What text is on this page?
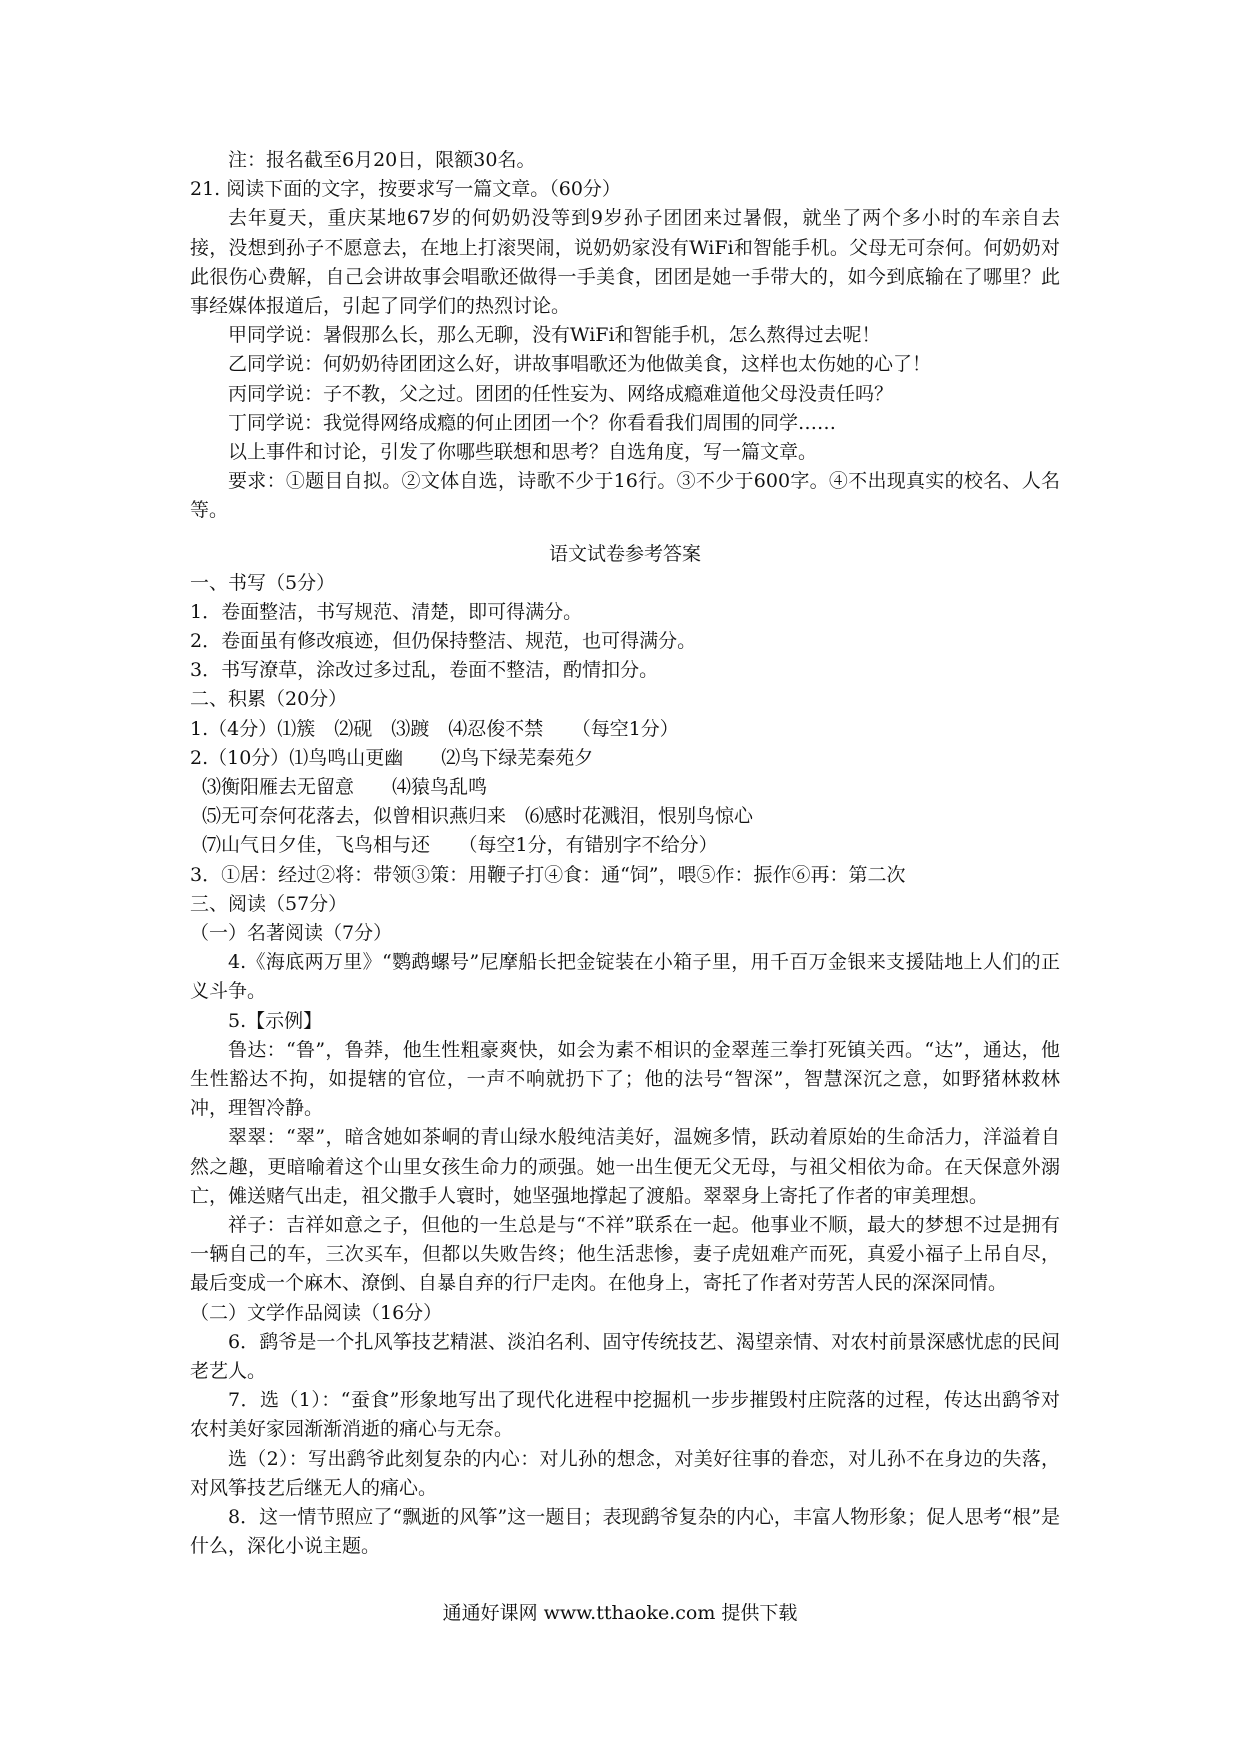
注：报名截至6月20日，限额30名。
21. 阅读下面的文字，按要求写一篇文章。（60分）
去年夏天，重庆某地67岁的何奶奶没等到9岁孙子团团来过暑假，就坐了两个多小时的车亲自去接，没想到孙子不愿意去，在地上打滚哭闹，说奶奶家没有WiFi和智能手机。父母无可奈何。何奶奶对此很伤心费解，自己会讲故事会唱歌还做得一手美食，团团是她一手带大的，如今到底输在了哪里？此事经媒体报道后，引起了同学们的热烈讨论。
甲同学说：暑假那么长，那么无聊，没有WiFi和智能手机，怎么熬得过去呢！
乙同学说：何奶奶待团团这么好，讲故事唱歌还为他做美食，这样也太伤她的心了！
丙同学说：子不教，父之过。团团的任性妄为、网络成瘾难道他父母没责任吗？
丁同学说：我觉得网络成瘾的何止团团一个？你看看我们周围的同学……
以上事件和讨论，引发了你哪些联想和思考？自选角度，写一篇文章。
要求：①题目自拟。②文体自选，诗歌不少于16行。③不少于600字。④不出现真实的校名、人名等。
语文试卷参考答案
一、书写（5分）
1．卷面整洁，书写规范、清楚，即可得满分。
2．卷面虽有修改痕迹，但仍保持整洁、规范，也可得满分。
3．书写潦草，涂改过多过乱，卷面不整洁，酌情扣分。
二、积累（20分）
1.（4分）⑴簇　⑵砚　⑶踱　⑷忍俊不禁　　（每空1分）
2.（10分）⑴鸟鸣山更幽　　⑵鸟下绿芜秦苑夕
⑶衡阳雁去无留意　　⑷猿鸟乱鸣
⑸无可奈何花落去，似曾相识燕归来　⑹感时花溅泪，恨别鸟惊心
⑺山气日夕佳，飞鸟相与还　　（每空1分，有错别字不给分）
3．①居：经过②将：带领③策：用鞭子打④食：通“饲”，喂⑤作：振作⑥再：第二次
三、阅读（57分）
（一）名著阅读（7分）
4.《海底两万里》“鹦鹉螺号”尼摩船长把金锭装在小箱子里，用千百万金银来支援陆地上人们的正义斗争。
5.【示例】
鲁达：“鲁”，鲁莽，他生性粗豪爽快，如会为素不相识的金翠莲三拳打死镇关西。“达”，通达，他生性豁达不拘，如提辖的官位，一声不响就扔下了；他的法号“智深”，智慧深沉之意，如野猪林救林冲，理智冷静。
翠翠：“翠”，暗含她如茶峒的青山绿水般纯洁美好，温婉多情，跃动着原始的生命活力，洋溢着自然之趣，更暗喻着这个山里女孩生命力的顽强。她一出生便无父无母，与祖父相依为命。在天保意外溺亡，傩送赌气出走，祖父撒手人寰时，她坚强地撑起了渡船。翠翠身上寄托了作者的审美理想。
祥子：吉祥如意之子，但他的一生总是与“不祥”联系在一起。他事业不顺，最大的梦想不过是拥有一辆自己的车，三次买车，但都以失败告终；他生活悲惨，妻子虎妞难产而死，真爱小福子上吊自尽，最后变成一个麻木、潦倒、自暴自弃的行尸走肉。在他身上，寄托了作者对劳苦人民的深深同情。
（二）文学作品阅读（16分）
6．鹞爷是一个扎风筝技艺精湛、淡泊名利、固守传统技艺、渴望亲情、对农村前景深感忧虑的民间老艺人。
7．选（1）：“蚕食”形象地写出了现代化进程中挖掘机一步步摧毁村庄院落的过程，传达出鹞爷对农村美好家园渐渐消逝的痛心与无奈。
选（2）：写出鹞爷此刻复杂的内心：对儿孙的想念，对美好往事的眷恋，对儿孙不在身边的失落，对风筝技艺后继无人的痛心。
8．这一情节照应了“飘逝的风筝”这一题目；表现鹞爷复杂的内心，丰富人物形象；促人思考“根”是什么，深化小说主题。
通通好课网 www.tthaoke.com 提供下载
